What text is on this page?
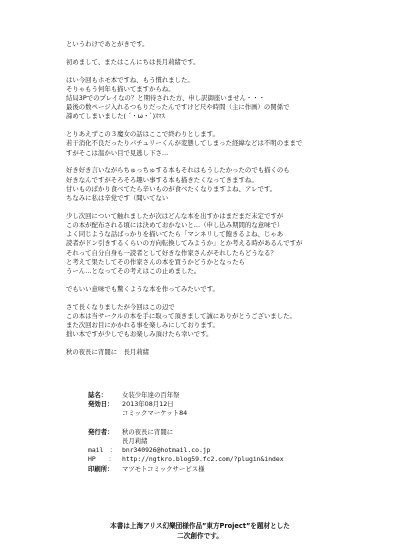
というわけであとがきです。
初めまして、またはこんにちは長月莉緒です。
はい今回もホモ本ですね、もう慣れました。
そりゃもう何年も描いてますからね。
結局3Pでのプレイなの？と期待された方、申し訳御座いません・・・
最後の数ページ入れるつもりだったんですけど尺や時間（主に作画）の関係で
諦めてしまいました( ´・ω・`)ｽﾏｽ
とりあえずこの３魔女の話はここで終わりとします。
若干消化不良だったりパチュリーくんが変態してしまった経緯などは不明のままで
すがそこは温かい目で見逃し下さ…
好き好き言いながらちゅっちゅする本もそれはもうしたかったのでも描くのも
好きなんですがそろそろ趣い事する本も描きたくなってきますね。
甘いものばかり食べてたら辛いものが食べたくなりますよね、アレです。
ちなみに私は辛党です（聞いてない
少し次回について触れましたが次はどんな本を出すかはまだまだ未定ですが
この本が配布される頃には決めておかないと…（申し込み期間的な意味で）
よく同じような話ばっかりを描いてたら「マンネリして飽きるよね、じゃあ
読者がドン引きするくらいの方向転換してみようか」とか考える時があるんですが
それって自分自身も一読者として好きな作家さんがそれしたらどうなる？
と考えて果たしてその作家さんの本を買うかどうかとなったら
うーん…となってその考えはこの止めました。
でもいい意味でも驚くような本を作ってみたいです。
さて長くなりましたが今回はこの辺で
この本は当サークルの本を手に取って頂きまして誠にありがとうございました。
また次回お目にかかれる事を楽しみにしております。
拙い本ですが少しでもお楽しみ頂けたら幸いです。
秋の夜長に宵闇に　長月莉緒
誌名：	女装少年達の百年祭
発効日：	2013年08月12日
コミックマーケット84
発行者：	秋の夜長に宵闇に
長月莉緒
mail　： bnr340926@hotmail.co.jp
HP　　：	http://ngtkro.blog59.fc2.com/?plugin&index
印刷所：	マツモトコミックサービス様
本書は上海アリス幻樂団様作品”東方Project”を題材とした
二次創作です。
